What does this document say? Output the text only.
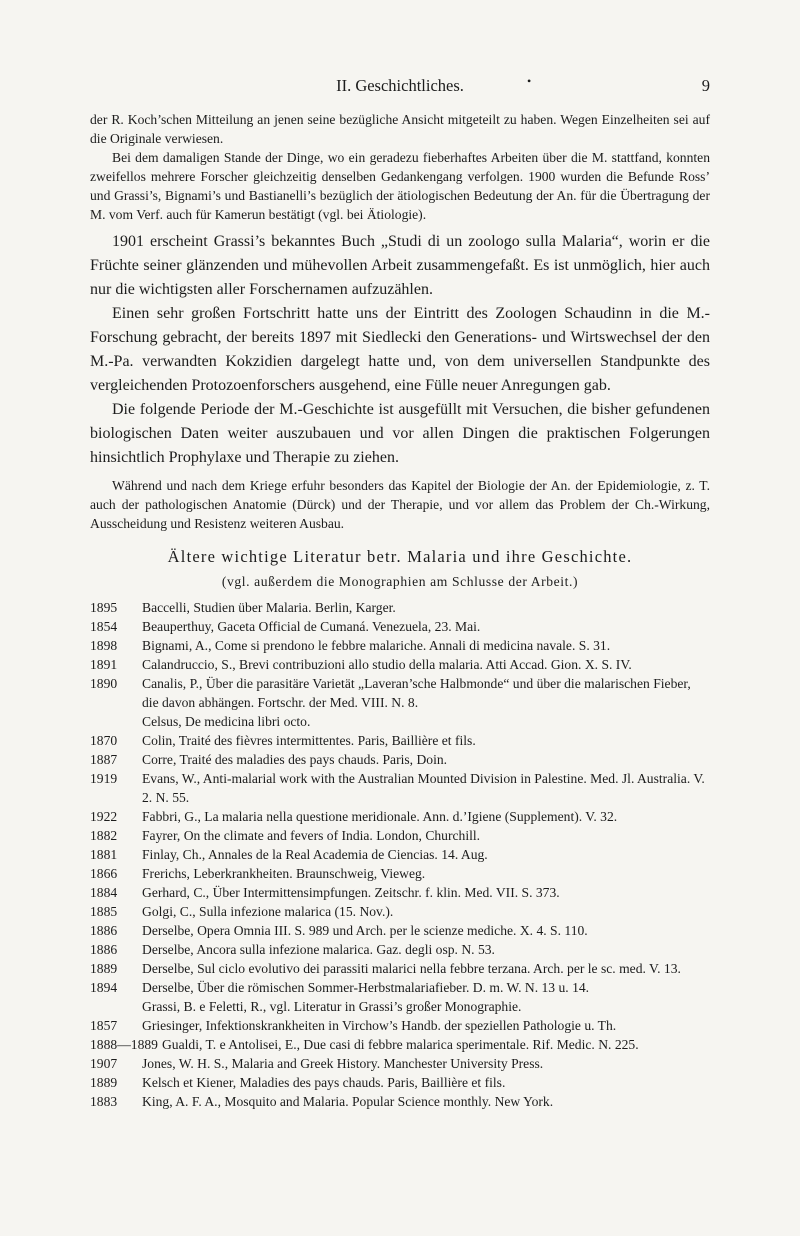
II. Geschichtliches.	•	9

der R. Koch’schen Mitteilung an jenen seine bezügliche Ansicht mitgeteilt zu haben. Wegen Einzelheiten sei auf die Originale verwiesen.

Bei dem damaligen Stande der Dinge, wo ein geradezu fieberhaftes Arbeiten über die M. stattfand, konnten zweifellos mehrere Forscher gleichzeitig denselben Gedankengang verfolgen. 1900 wurden die Befunde Ross’ und Grassi’s, Bignami’s und Bastianelli’s bezüglich der ätiologischen Bedeutung der An. für die Übertragung der M. vom Verf. auch für Kamerun bestätigt (vgl. bei Ätiologie).

1901 erscheint Grassi’s bekanntes Buch „Studi di un zoologo sulla Malaria“, worin er die Früchte seiner glänzenden und mühevollen Arbeit zusammengefaßt. Es ist unmöglich, hier auch nur die wichtigsten aller Forschernamen aufzuzählen.

Einen sehr großen Fortschritt hatte uns der Eintritt des Zoologen Schaudinn in die M.-Forschung gebracht, der bereits 1897 mit Siedlecki den Generations- und Wirtswechsel der den M.-Pa. verwandten Kokzidien dargelegt hatte und, von dem universellen Standpunkte des vergleichenden Protozoenforschers ausgehend, eine Fülle neuer Anregungen gab.

Die folgende Periode der M.-Geschichte ist ausgefüllt mit Versuchen, die bisher gefundenen biologischen Daten weiter auszubauen und vor allen Dingen die praktischen Folgerungen hinsichtlich Prophylaxe und Therapie zu ziehen.

Während und nach dem Kriege erfuhr besonders das Kapitel der Biologie der An. der Epidemiologie, z. T. auch der pathologischen Anatomie (Dürck) und der Therapie, und vor allem das Problem der Ch.-Wirkung, Ausscheidung und Resistenz weiteren Ausbau.

Ältere wichtige Literatur betr. Malaria und ihre Geschichte.
(vgl. außerdem die Monographien am Schlusse der Arbeit.)

1895 Baccelli, Studien über Malaria. Berlin, Karger.

1854 Beauperthuy, Gaceta Official de Cumaná. Venezuela, 23. Mai.

1898 Bignami, A., Come si prendono le febbre malariche. Annali di medicina navale. S. 31.

1891 Calandruccio, S., Brevi contribuzioni allo studio della malaria. Atti Accad. Gion. X. S. IV.

1890 Canalis, P., Über die parasitäre Varietät „Laveran’sche Halbmonde“ und über die malarischen Fieber, die davon abhängen. Fortschr. der Med. VIII. N. 8.

Celsus, De medicina libri octo.

1870 Colin, Traité des fièvres intermittentes. Paris, Baillière et fils.

1887 Corre, Traité des maladies des pays chauds. Paris, Doin.

1919 Evans, W., Anti-malarial work with the Australian Mounted Division in Palestine. Med. Jl. Australia. V. 2. N. 55.

1922 Fabbri, G., La malaria nella questione meridionale. Ann. d.’Igiene (Supplement). V. 32.

1882 Fayrer, On the climate and fevers of India. London, Churchill.

1881 Finlay, Ch., Annales de la Real Academia de Ciencias. 14. Aug.

1866 Frerichs, Leberkrankheiten. Braunschweig, Vieweg.

1884 Gerhard, C., Über Intermittensimpfungen. Zeitschr. f. klin. Med. VII. S. 373.

1885 Golgi, C., Sulla infezione malarica (15. Nov.).

1886 Derselbe, Opera Omnia III. S. 989 und Arch. per le scienze mediche. X. 4. S. 110.

1886 Derselbe, Ancora sulla infezione malarica. Gaz. degli osp. N. 53.

1889 Derselbe, Sul ciclo evolutivo dei parassiti malarici nella febbre terzana. Arch. per le sc. med. V. 13.

1894 Derselbe, Über die römischen Sommer-Herbstmalariafieber. D. m. W. N. 13 u. 14.

Grassi, B. e Feletti, R., vgl. Literatur in Grassi’s großer Monographie.

1857 Griesinger, Infektionskrankheiten in Virchow’s Handb. der speziellen Pathologie u. Th.

1888—1889 Gualdi, T. e Antolisei, E., Due casi di febbre malarica sperimentale. Rif. Medic. N. 225.

1907 Jones, W. H. S., Malaria and Greek History. Manchester University Press.

1889 Kelsch et Kiener, Maladies des pays chauds. Paris, Baillière et fils.

1883 King, A. F. A., Mosquito and Malaria. Popular Science monthly. New York.
